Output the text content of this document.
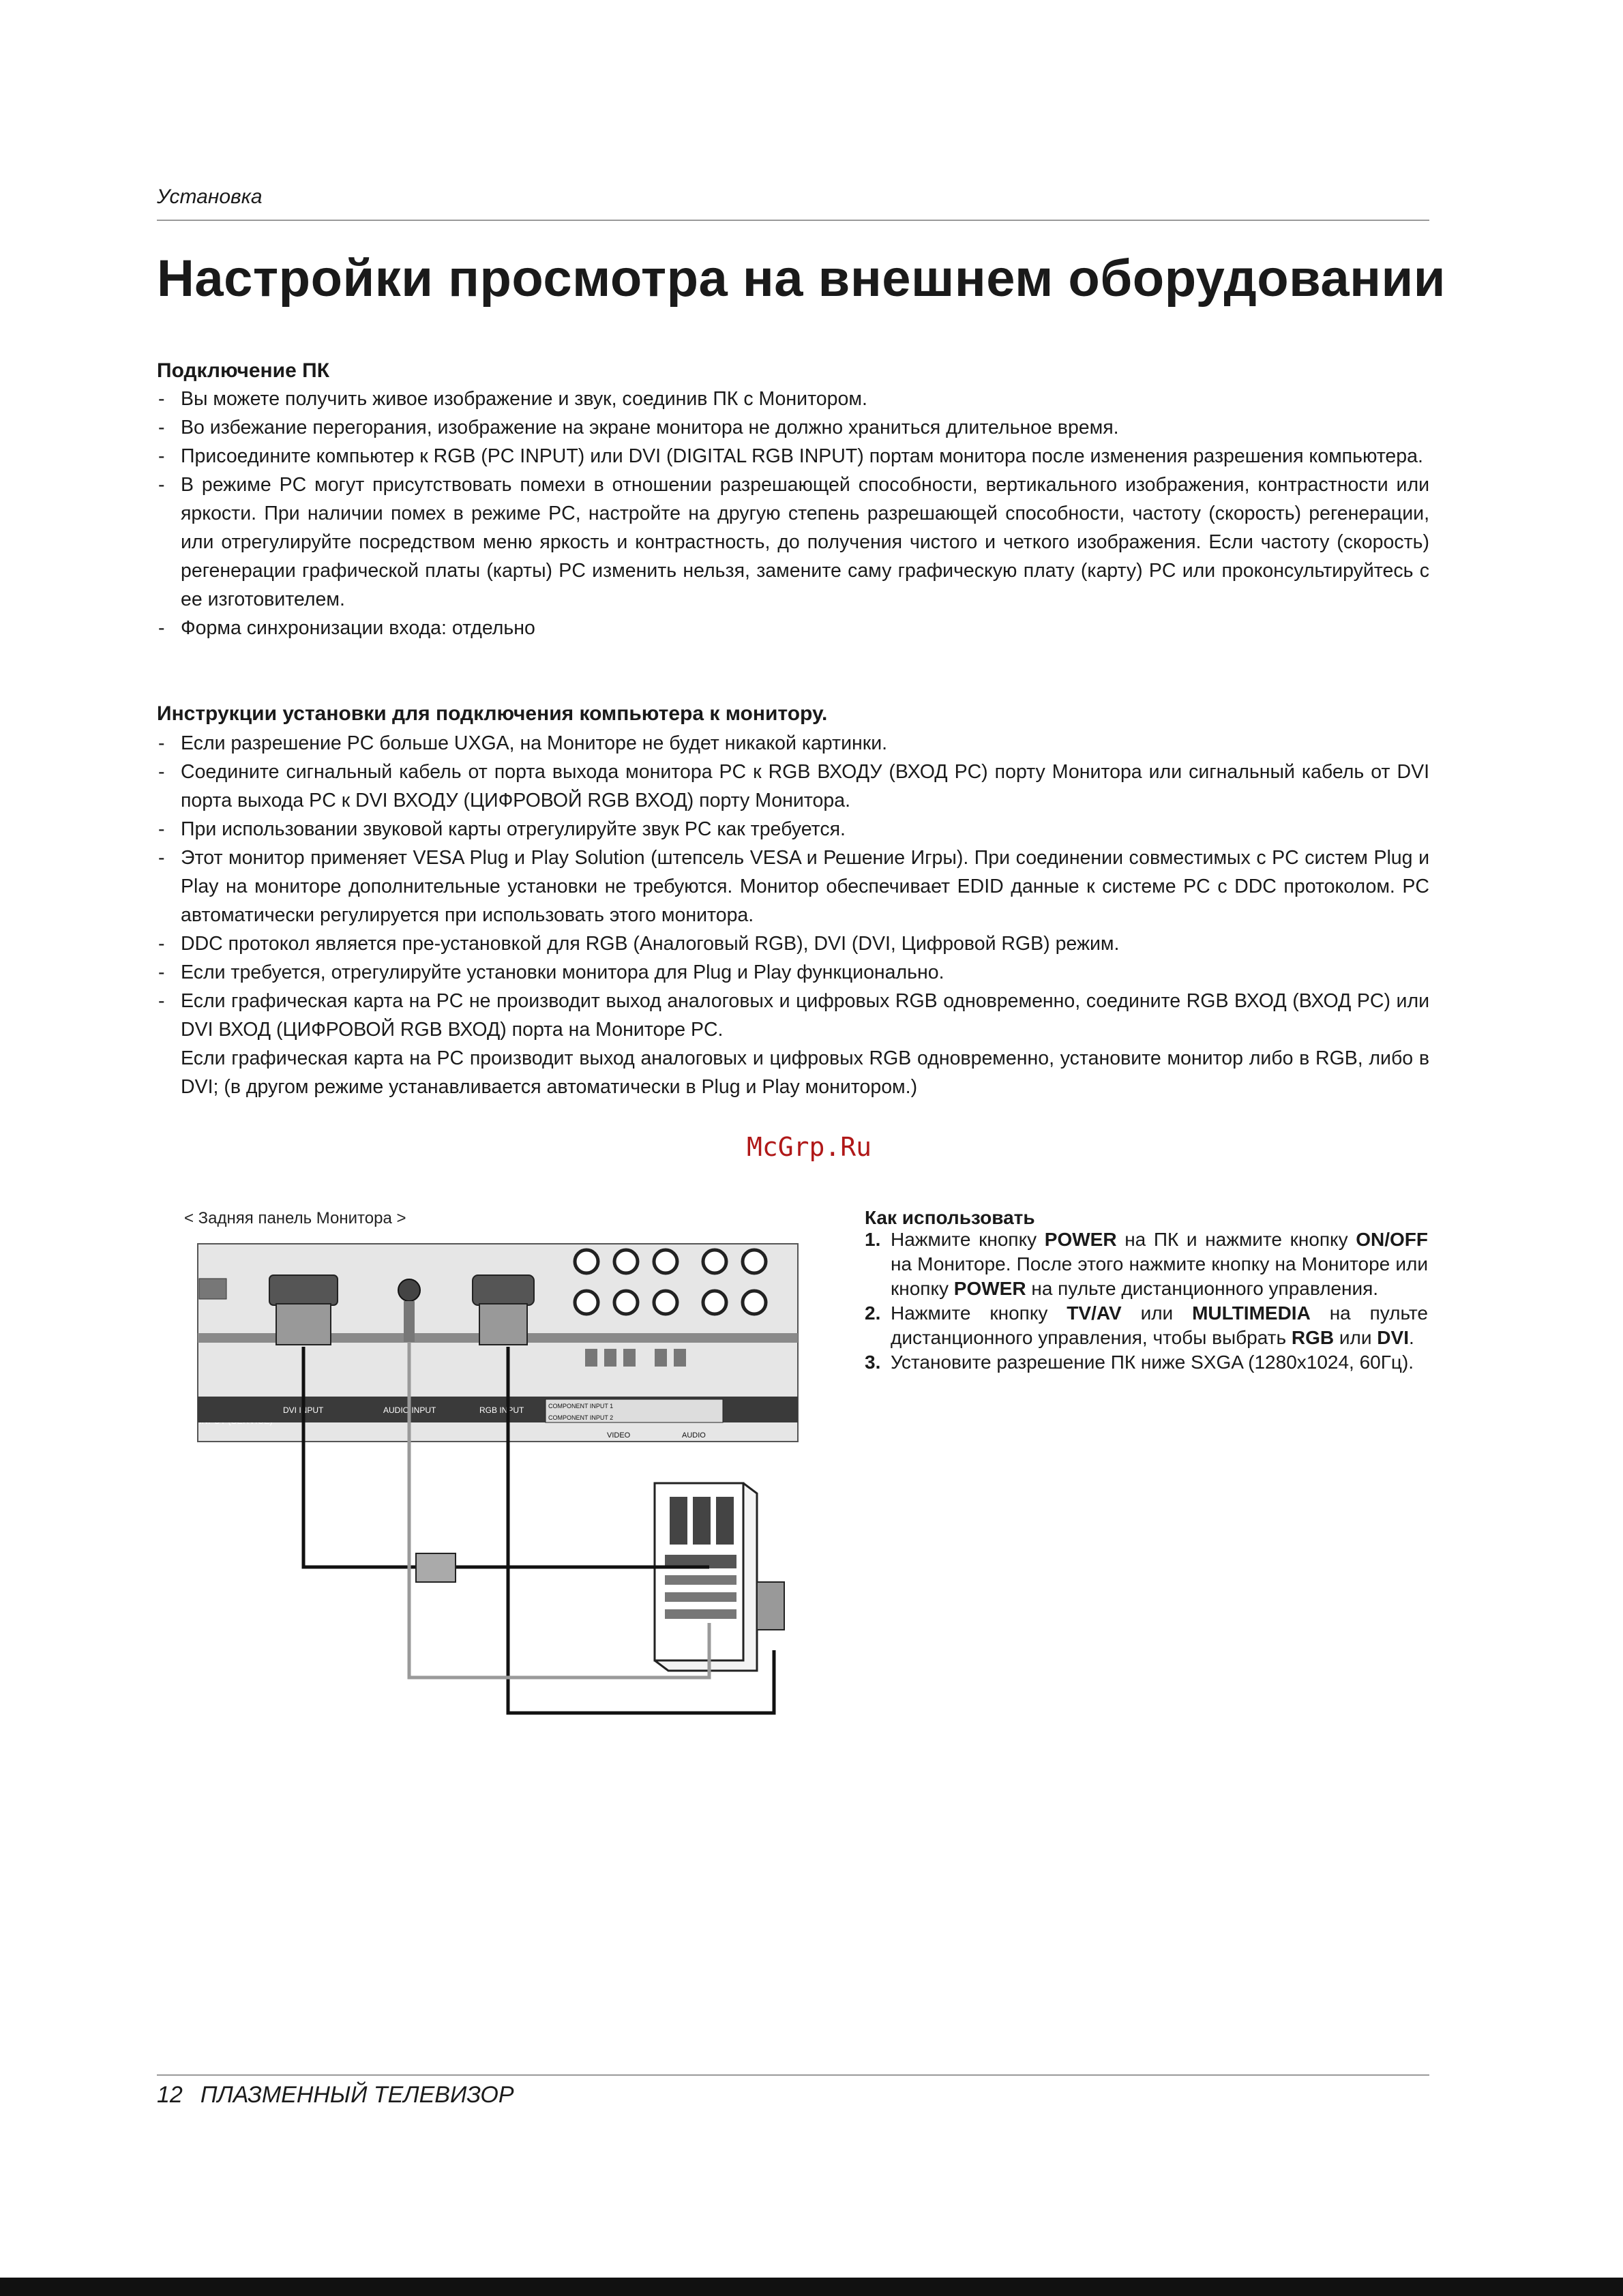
Установка
Настройки просмотра на внешнем оборудовании
Подключение ПК
- Вы можете получить живое изображение и звук, соединив ПК с Монитором.
- Во избежание перегорания, изображение на экране монитора не должно храниться длительное время.
- Присоедините компьютер к RGB (PC INPUT) или DVI (DIGITAL RGB INPUT) портам монитора после изменения разрешения компьютера.
- В режиме PC могут присутствовать помехи в отношении разрешающей способности, вертикального изображения, контрастности или яркости. При наличии помех в режиме PC, настройте на другую степень разрешающей способности, частоту (скорость) регенерации, или отрегулируйте посредством меню яркость и контрастность, до получения чистого и четкого изображения. Если частоту (скорость) регенерации графической платы (карты) PC изменить нельзя, замените саму графическую плату (карту) PC или проконсультируйтесь с ее изготовителем.
- Форма синхронизации входа: отдельно
Инструкции установки для подключения компьютера к монитору.
- Если разрешение PC больше UXGA, на Мониторе не будет никакой картинки.
- Соедините сигнальный кабель от порта выхода монитора PC к RGB ВХОДУ (ВХОД PC) порту Монитора или сигнальный кабель от DVI порта выхода PC к DVI ВХОДУ (ЦИФРОВОЙ RGB ВХОД) порту Монитора.
- При использовании звуковой карты отрегулируйте звук PC как требуется.
- Этот монитор применяет VESA Plug и Play Solution (штепсель VESA и Решение Игры). При соединении совместимых с PC систем Plug и Play на мониторе дополнительные установки не требуются. Монитор обеспечивает EDID данные к системе PC с DDC протоколом. PC автоматически регулируется при использовать этого монитора.
- DDC протокол является пре-установкой для RGB (Аналоговый RGB), DVI (DVI, Цифровой RGB) режим.
- Если требуется, отрегулируйте установки монитора для Plug и Play функционально.
- Если графическая карта на PC не производит выход аналоговых и цифровых RGB одновременно, соедините RGB ВХОД (ВХОД PC) или DVI ВХОД (ЦИФРОВОЙ RGB ВХОД) порта на Мониторе PC.
Если графическая карта на PC производит выход аналоговых и цифровых RGB одновременно, установите монитор либо в RGB, либо в DVI; (в другом режиме устанавливается автоматически в Plug и Play монитором.)
McGrp.Ru
< Задняя панель Монитора >
DVI INPUT	AUDIO INPUT	RGB INPUT	COMPONENT INPUT 1
COMPONENT INPUT 2
VIDEO	AUDIO
Как использовать
1. Нажмите кнопку POWER на ПК и нажмите кнопку ON/OFF на Мониторе. После этого нажмите кнопку на Мониторе или кнопку POWER на пульте дистанционного управления.
2. Нажмите кнопку TV/AV или MULTIMEDIA на пульте дистанционного управления, чтобы выбрать RGB или DVI.
3. Установите разрешение ПК ниже SXGA (1280x1024, 60Гц).
12 ПЛАЗМЕННЫЙ ТЕЛЕВИЗОР
